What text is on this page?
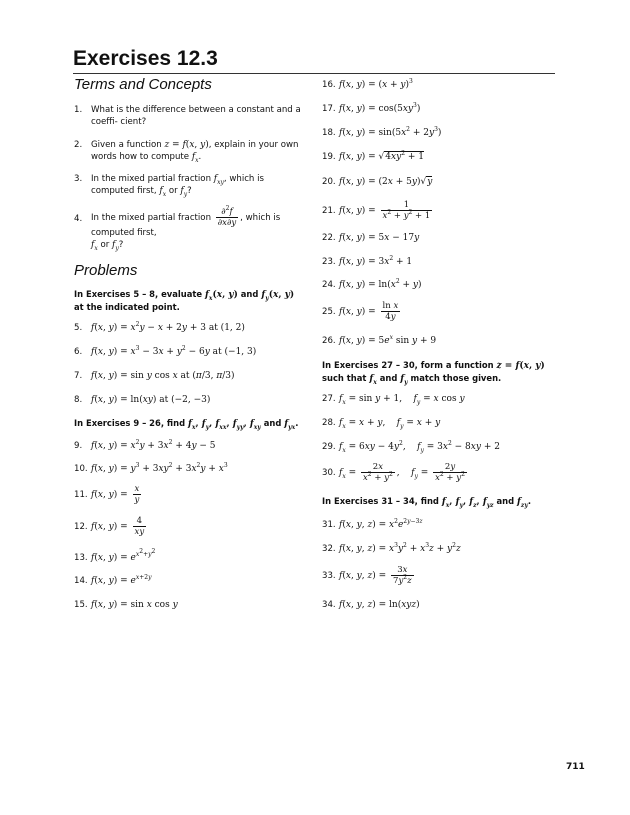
Exercises 12.3
Terms and Concepts
1.	What is the difference between a constant and a coeffi- cient?
2.	Given a function z = f(x, y), explain in your own words how to compute $f_x$.
3.	In the mixed partial fraction $f_{xy}$, which is computed first, $f_x$ or $f_y$?
4.	In the mixed partial fraction $\frac{\partial^2f}{\partial x\partial y}$ , which is computed first,
$f_x$ or $f_y$?
Problems
In Exercises 5 – 8, evaluate $f_x(x$, y) and $f_y(x$, y) at the indicated point.
5. f(x, $y) = x^2y - x + 2y + 3$ at (1, 2)
6. f(x, $y) = x^3 - 3x + y^2 - 6y$ at (−1, 3)
7. f(x, y) = sin y cos x at (π/3, π/3)
8. f(x, y) = ln(xy) at (−2, −3)
In Exercises 9 – 26, find $f_x$, $f_y$, $f_{xx}$, $f_{yy}$, $f_{xy}$ and $f_{yx}$.
9. f(x, $y) = x^2y + 3x^2 + 4y - 5$
10. f(x, $y) = y^3 + 3xy^2 + 3x^2y + x^3$
11. f(x, $y) = \frac{x}{y}$
12. f(x, $y) = \frac{4}{xy}$
13. f(x, $y) = e^{x^2+y^2}$
14. f(x, $y) = e^{x+2y}$
15. f(x, y) = sin x cos y
16. f(x, $y) = (x + y)^3$
17. f(x, $y) = \cos(5xy^3)$
18. f(x, $y) = \sin(5x^2 + 2y^3)$
19. f(x, $y) = √4xy^2 + 1$
20. f(x, y) = (2x + 5y)√y
21. f(x, $y) = \frac{1}{x^2 + y^2 + 1}$
22. f(x, y) = 5x − 17y
23. f(x, $y) = 3x^2 + 1$
24. f(x, $y) = \ln(x^2 + y)$
25. f(x, $y) = \frac{\text{ln x}}{4y}$
26. f(x, $y) = 5e^x$ sin y + 9
In Exercises 27 – 30, form a function z = f(x, y) such that $f_x$ and $f_y$ match those given.
27. $f_x = \sin y + 1$,    $f_y = x$ cos y
28. $f_x = x + y$,    $f_y = x + y$
29. $f_x = 6xy - 4y^2$,    $f_y = 3x^2 - 8xy + 2$
30. $f_x = \frac{2x}{x^2 + y^2}$ ,    $f_y = \frac{2y}{x^2 + y^2}$
In Exercises 31 – 34, find $f_x$, $f_y$, $f_z$, $f_{yz}$ and $f_{zy}$.
31. f(x, y, $z) = x^2e^{2y-3z}$
32. f(x, y, $z) = x^3y^2 + x^3z + y^2z$
33. f(x, y, $z) = \frac{3x}{7y^2z}$
34. f(x, y, z) = ln(xyz)
711
